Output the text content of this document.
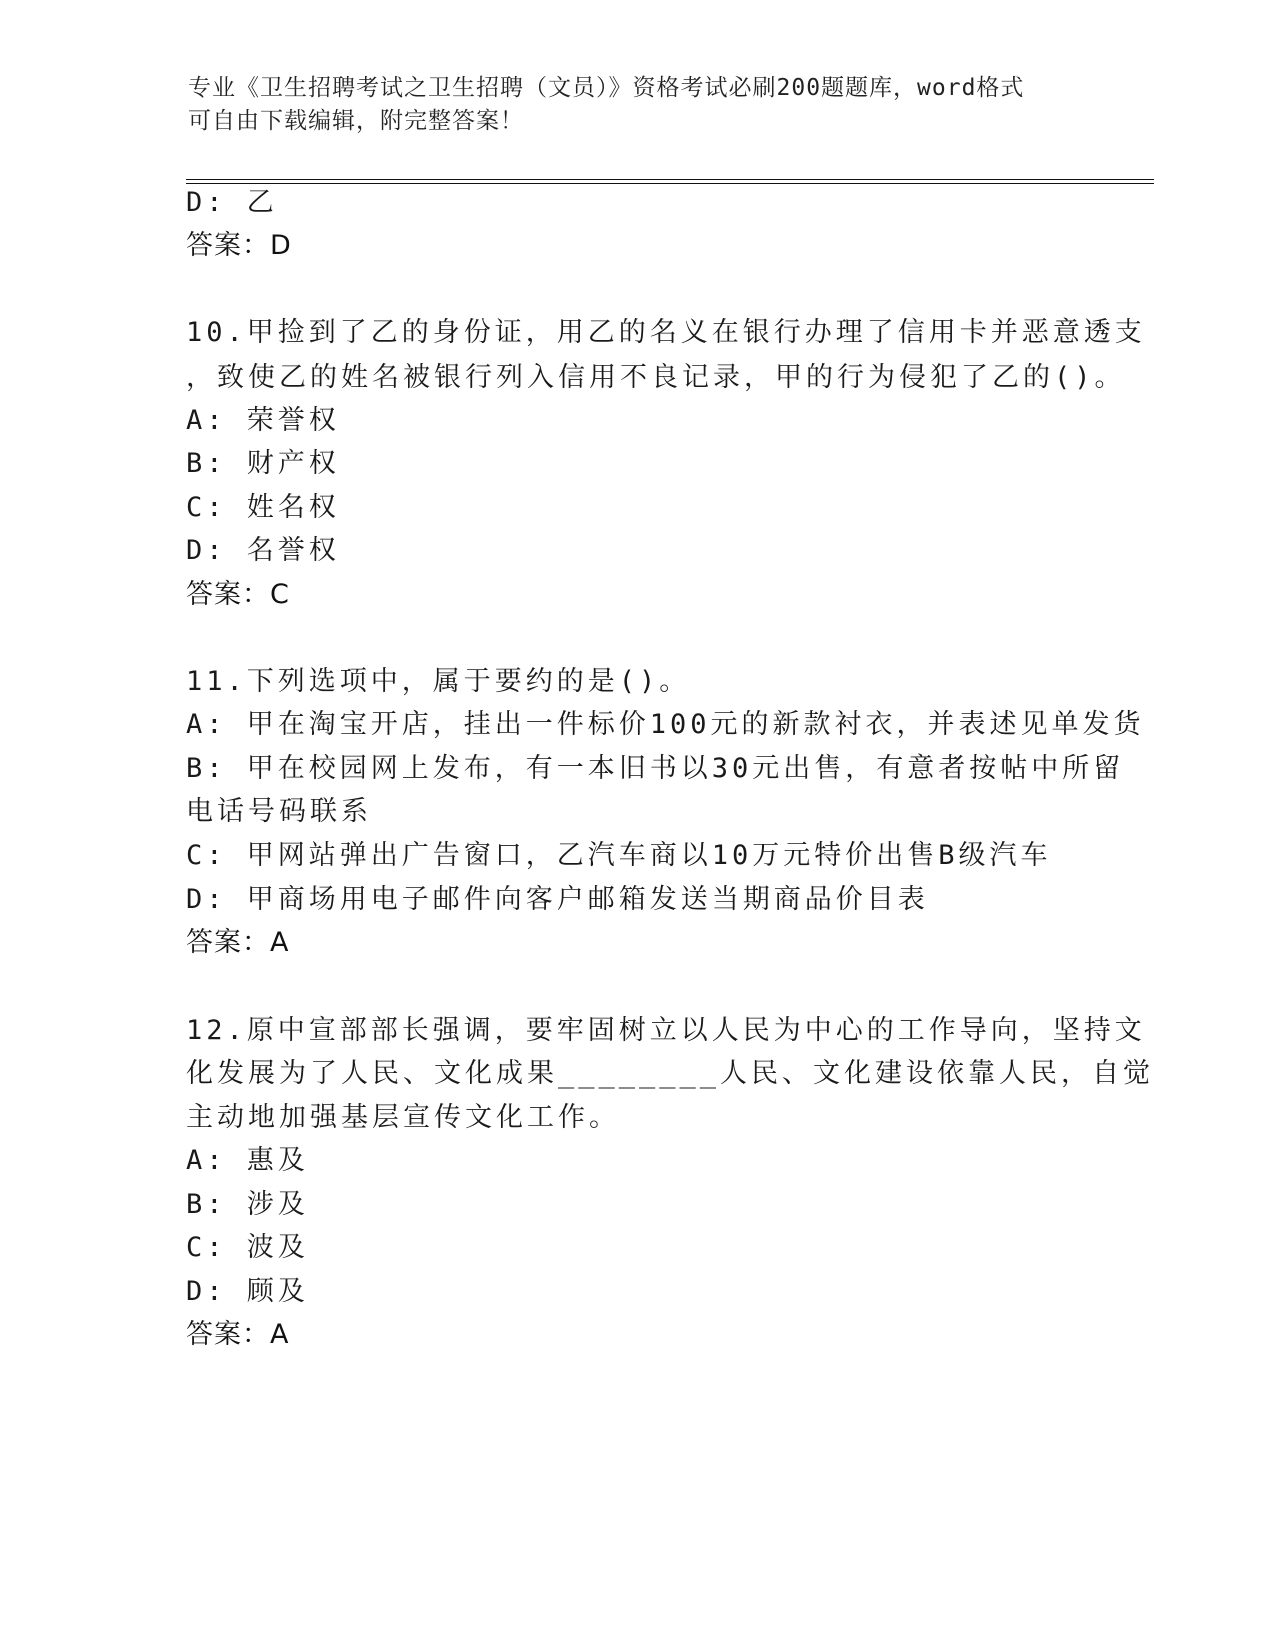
专业《卫生招聘考试之卫生招聘（文员）》资格考试必刷200题题库，word格式
可自由下载编辑，附完整答案！
D: 乙
答案：D
10.甲捡到了乙的身份证，用乙的名义在银行办理了信用卡并恶意透支
，致使乙的姓名被银行列入信用不良记录，甲的行为侵犯了乙的()。
A: 荣誉权
B: 财产权
C: 姓名权
D: 名誉权
答案：C
11.下列选项中，属于要约的是()。
A: 甲在淘宝开店，挂出一件标价100元的新款衬衣，并表述见单发货
B: 甲在校园网上发布，有一本旧书以30元出售，有意者按帖中所留
电话号码联系
C: 甲网站弹出广告窗口，乙汽车商以10万元特价出售B级汽车
D: 甲商场用电子邮件向客户邮箱发送当期商品价目表
答案：A
12.原中宣部部长强调，要牢固树立以人民为中心的工作导向，坚持文
化发展为了人民、文化成果________人民、文化建设依靠人民，自觉
主动地加强基层宣传文化工作。
A: 惠及
B: 涉及
C: 波及
D: 顾及
答案：A
